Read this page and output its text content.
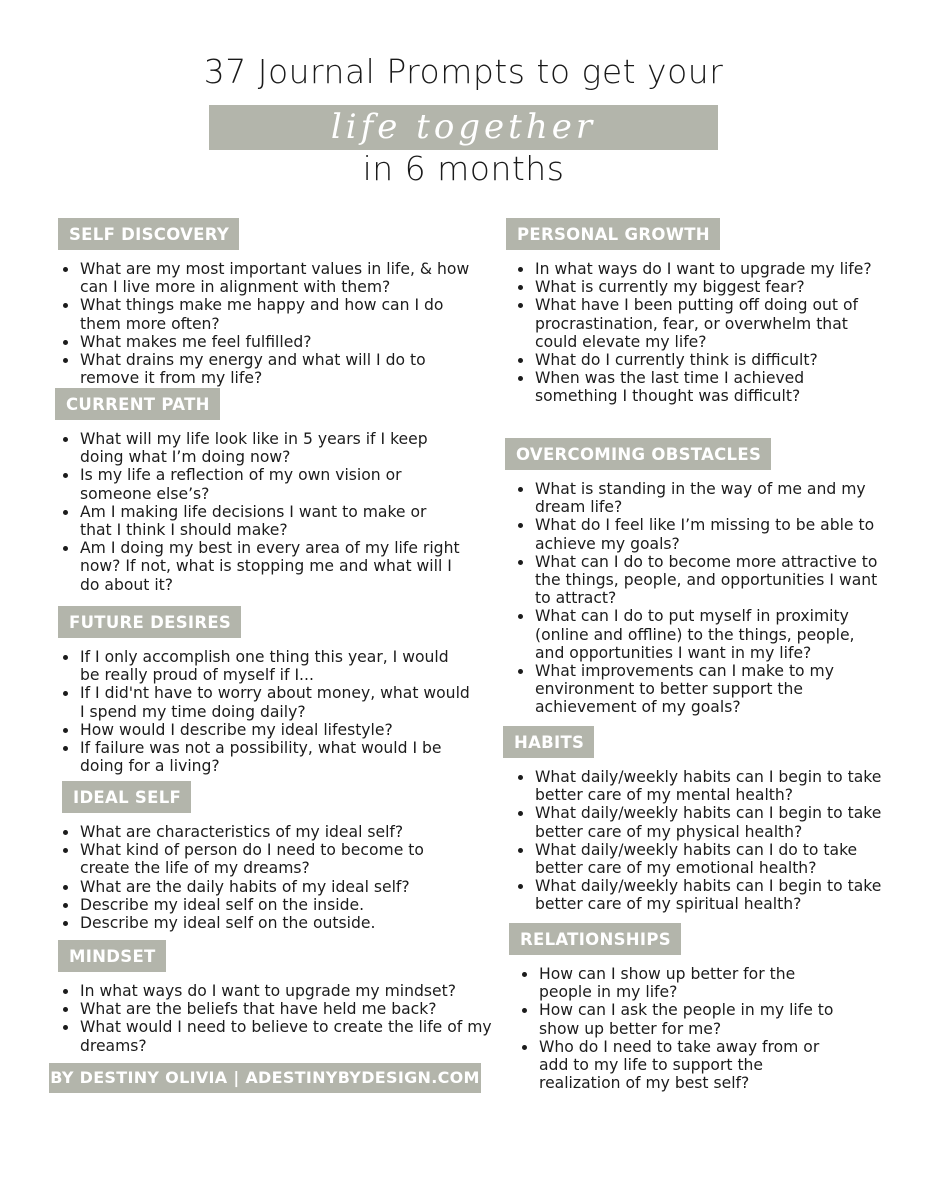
37 Journal Prompts to get your
life together
in 6 months
SELF DISCOVERY
What are my most important values in life, & how can I live more in alignment with them?
What things make me happy and how can I do them more often?
What makes me feel fulfilled?
What drains my energy and what will I do to remove it from my life?
CURRENT PATH
What will my life look like in 5 years if I keep doing what I’m doing now?
Is my life a reflection of my own vision or someone else’s?
Am I making life decisions I want to make or that I think I should make?
Am I doing my best in every area of my life right now? If not, what is stopping me and what will I do about it?
FUTURE DESIRES
If I only accomplish one thing this year, I would be really proud of myself if I...
If I did'nt have to worry about money, what would I spend my time doing daily?
How would I describe my ideal lifestyle?
If failure was not a possibility, what would I be doing for a living?
IDEAL SELF
What are characteristics of my ideal self?
What kind of person do I need to become to create the life of my dreams?
What are the daily habits of my ideal self?
Describe my ideal self on the inside.
Describe my ideal self on the outside.
MINDSET
In what ways do I want to upgrade my mindset?
What are the beliefs that have held me back?
What would I need to believe to create the life of my dreams?
PERSONAL GROWTH
In what ways do I want to upgrade my life?
What is currently my biggest fear?
What have I been putting off doing out of procrastination, fear, or overwhelm that could elevate my life?
What do I currently think is difficult?
When was the last time I achieved something I thought was difficult?
OVERCOMING OBSTACLES
What is standing in the way of me and my dream life?
What do I feel like I’m missing to be able to achieve my goals?
What can I do to become more attractive to the things, people, and opportunities I want to attract?
What can I do to put myself in proximity (online and offline) to the things, people, and opportunities I want in my life?
What improvements can I make to my environment to better support the achievement of my goals?
HABITS
What daily/weekly habits can I begin to take better care of my mental health?
What daily/weekly habits can I begin to take better care of my physical health?
What daily/weekly habits can I do to take better care of my emotional health?
What daily/weekly habits can I begin to take better care of my spiritual health?
RELATIONSHIPS
How can I show up better for the people in my life?
How can I ask the people in my life to show up better for me?
Who do I need to take away from or add to my life to support the realization of my best self?
BY DESTINY OLIVIA | ADESTINYBYDESIGN.COM
